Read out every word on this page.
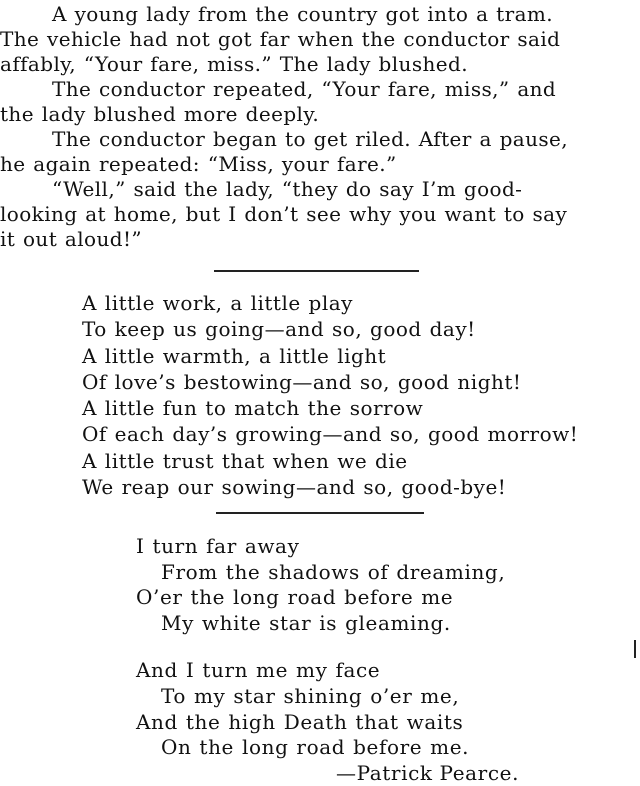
A young lady from the country got into a tram.
The vehicle had not got far when the conductor said
affably, “Your fare, miss.” The lady blushed.
The conductor repeated, “Your fare, miss,” and
the lady blushed more deeply.
The conductor began to get riled. After a pause,
he again repeated: “Miss, your fare.”
“Well,” said the lady, “they do say I’m good-
looking at home, but I don’t see why you want to say
it out aloud!”
A little work, a little play
To keep us going—and so, good day!
A little warmth, a little light
Of love’s bestowing—and so, good night!
A little fun to match the sorrow
Of each day’s growing—and so, good morrow!
A little trust that when we die
We reap our sowing—and so, good-bye!
I turn far away
From the shadows of dreaming,
O’er the long road before me
My white star is gleaming.
And I turn me my face
To my star shining o’er me,
And the high Death that waits
On the long road before me.
—Patrick Pearce.
